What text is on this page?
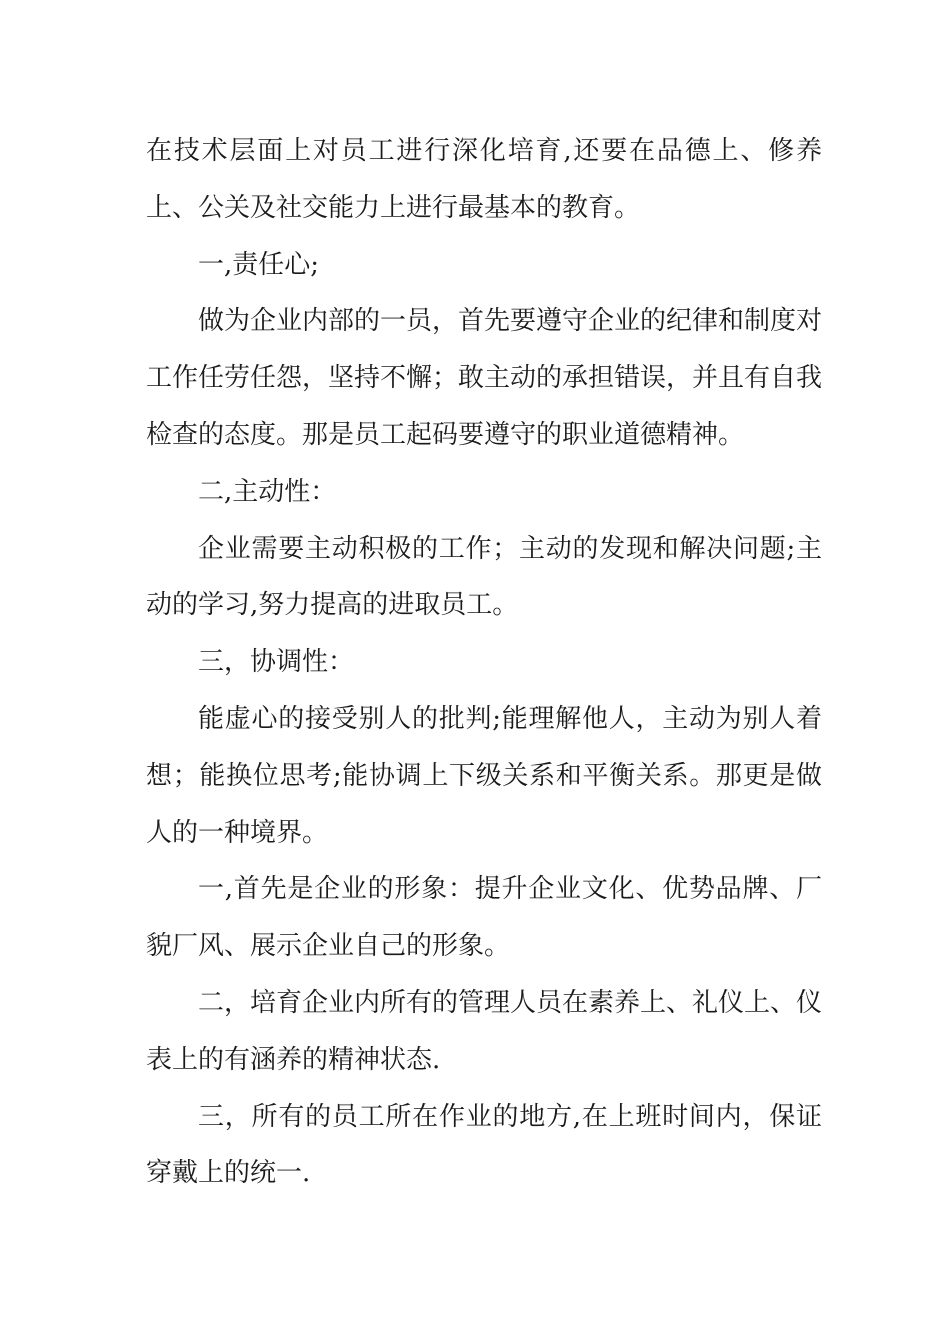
在技术层面上对员工进行深化培育,还要在品德上、修养上、公关及社交能力上进行最基本的教育。

一,责任心;

做为企业内部的一员，首先要遵守企业的纪律和制度对工作任劳任怨，坚持不懈；敢主动的承担错误，并且有自我检查的态度。那是员工起码要遵守的职业道德精神。

二,主动性：

企业需要主动积极的工作；主动的发现和解决问题;主动的学习,努力提高的进取员工。

三，协调性：

能虚心的接受别人的批判;能理解他人，主动为别人着想；能换位思考;能协调上下级关系和平衡关系。那更是做人的一种境界。

一,首先是企业的形象：提升企业文化、优势品牌、厂貌厂风、展示企业自己的形象。

二，培育企业内所有的管理人员在素养上、礼仪上、仪表上的有涵养的精神状态.

三，所有的员工所在作业的地方,在上班时间内，保证穿戴上的统一.
